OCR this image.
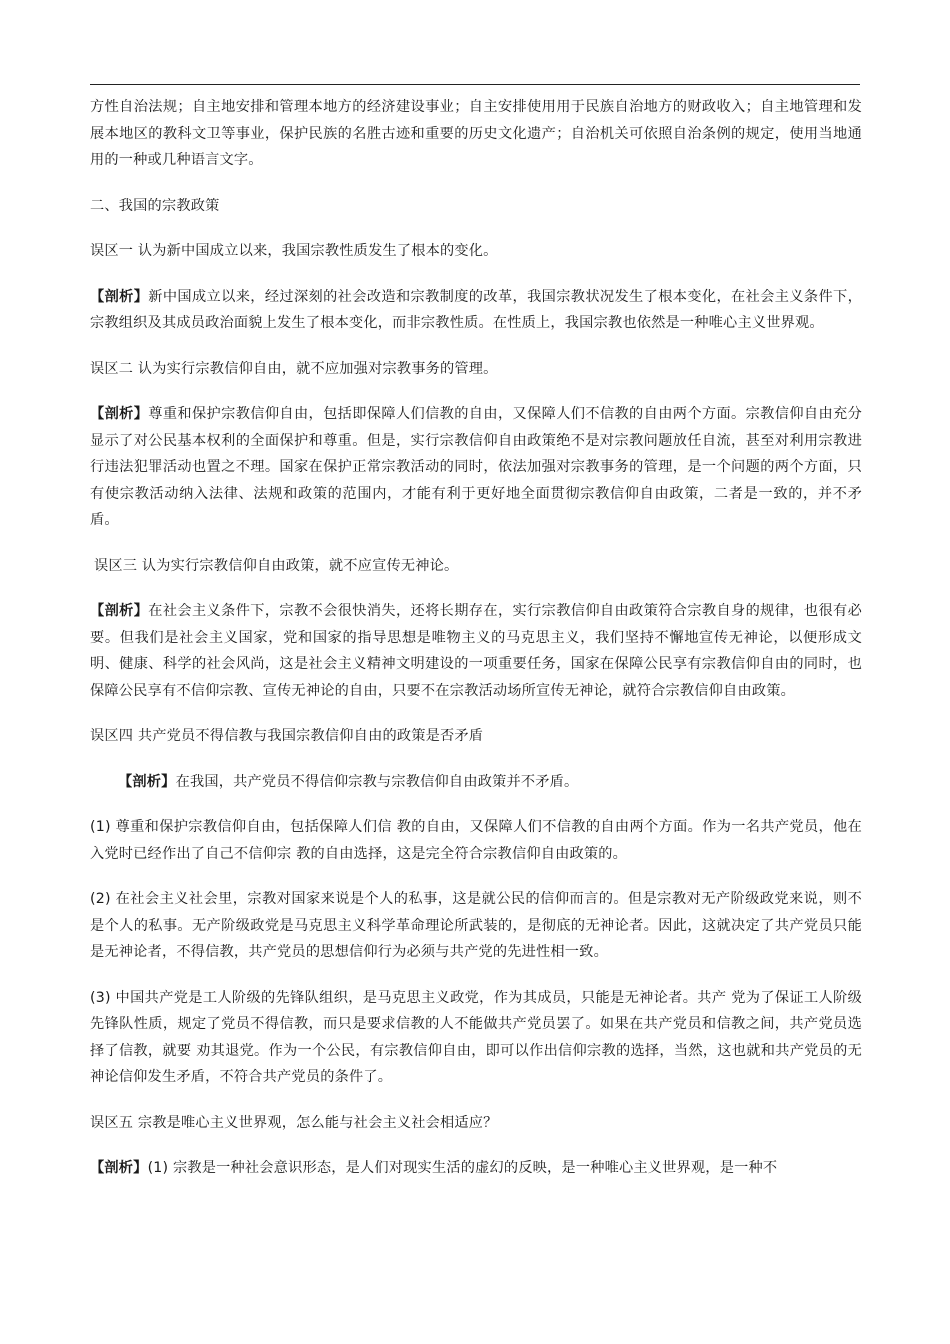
方性自治法规；自主地安排和管理本地方的经济建设事业；自主安排使用用于民族自治地方的财政收入；自主地管理和发展本地区的教科文卫等事业，保护民族的名胜古迹和重要的历史文化遗产；自治机关可依照自治条例的规定，使用当地通用的一种或几种语言文字。

二、我国的宗教政策

误区一 认为新中国成立以来，我国宗教性质发生了根本的变化。

【剖析】新中国成立以来，经过深刻的社会改造和宗教制度的改革，我国宗教状况发生了根本变化，在社会主义条件下，宗教组织及其成员政治面貌上发生了根本变化，而非宗教性质。在性质上，我国宗教也依然是一种唯心主义世界观。

误区二 认为实行宗教信仰自由，就不应加强对宗教事务的管理。

【剖析】尊重和保护宗教信仰自由，包括即保障人们信教的自由，又保障人们不信教的自由两个方面。宗教信仰自由充分显示了对公民基本权利的全面保护和尊重。但是，实行宗教信仰自由政策绝不是对宗教问题放任自流，甚至对利用宗教进行违法犯罪活动也置之不理。国家在保护正常宗教活动的同时，依法加强对宗教事务的管理，是一个问题的两个方面，只有使宗教活动纳入法律、法规和政策的范围内，才能有利于更好地全面贯彻宗教信仰自由政策，二者是一致的，并不矛盾。

误区三 认为实行宗教信仰自由政策，就不应宣传无神论。

【剖析】在社会主义条件下，宗教不会很快消失，还将长期存在，实行宗教信仰自由政策符合宗教自身的规律，也很有必要。但我们是社会主义国家，党和国家的指导思想是唯物主义的马克思主义，我们坚持不懈地宣传无神论，以便形成文明、健康、科学的社会风尚，这是社会主义精神文明建设的一项重要任务，国家在保障公民享有宗教信仰自由的同时，也保障公民享有不信仰宗教、宣传无神论的自由，只要不在宗教活动场所宣传无神论，就符合宗教信仰自由政策。

误区四 共产党员不得信教与我国宗教信仰自由的政策是否矛盾

【剖析】在我国，共产党员不得信仰宗教与宗教信仰自由政策并不矛盾。

(1) 尊重和保护宗教信仰自由，包括保障人们信 教的自由，又保障人们不信教的自由两个方面。作为一名共产党员，他在入党时已经作出了自己不信仰宗 教的自由选择，这是完全符合宗教信仰自由政策的。

(2) 在社会主义社会里，宗教对国家来说是个人的私事，这是就公民的信仰而言的。但是宗教对无产阶级政党来说，则不是个人的私事。无产阶级政党是马克思主义科学革命理论所武装的，是彻底的无神论者。因此，这就决定了共产党员只能是无神论者，不得信教，共产党员的思想信仰行为必须与共产党的先进性相一致。

(3) 中国共产党是工人阶级的先锋队组织，是马克思主义政党，作为其成员，只能是无神论者。共产 党为了保证工人阶级先锋队性质，规定了党员不得信教，而只是要求信教的人不能做共产党员罢了。如果在共产党员和信教之间，共产党员选择了信教，就要 劝其退党。作为一个公民，有宗教信仰自由，即可以作出信仰宗教的选择，当然，这也就和共产党员的无神论信仰发生矛盾，不符合共产党员的条件了。

误区五 宗教是唯心主义世界观，怎么能与社会主义社会相适应？

【剖析】(1) 宗教是一种社会意识形态，是人们对现实生活的虚幻的反映，是一种唯心主义世界观，是一种不
